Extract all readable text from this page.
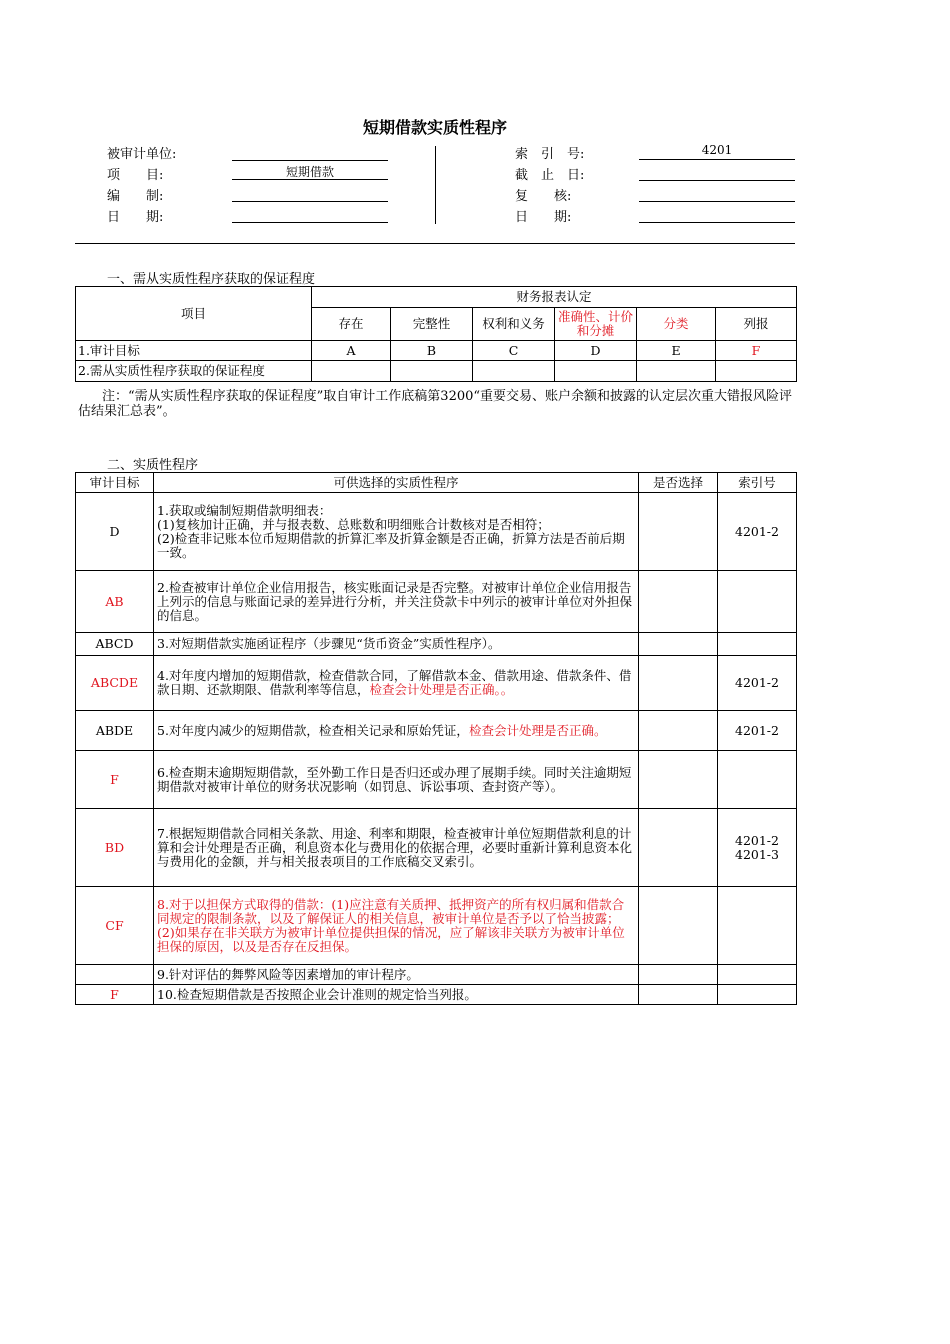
短期借款实质性程序
被审计单位:
项　　目:	短期借款
编　　制:
日　　期:
索　引　号:	4201
截　止　日:
复　　核:
日　　期:
一、需从实质性程序获取的保证程度
项目	财务报表认定					
	存在	完整性	权利和义务	准确性、计价和分摊	分类	列报
1.审计目标	A	B	C	D	E	F
2.需从实质性程序获取的保证程度						
注：“需从实质性程序获取的保证程度”取自审计工作底稿第3200“重要交易、账户余额和披露的认定层次重大错报风险评估结果汇总表”。
二、实质性程序
审计目标	可供选择的实质性程序	是否选择	索引号
D	1.获取或编制短期借款明细表：
(1)复核加计正确，并与报表数、总账数和明细账合计数核对是否相符；
(2)检查非记账本位币短期借款的折算汇率及折算金额是否正确，折算方法是否前后期一致。		4201-2
AB	2.检查被审计单位企业信用报告，核实账面记录是否完整。对被审计单位企业信用报告上列示的信息与账面记录的差异进行分析，并关注贷款卡中列示的被审计单位对外担保的信息。		
ABCD	3.对短期借款实施函证程序（步骤见“货币资金”实质性程序）。		
ABCDE	4.对年度内增加的短期借款，检查借款合同，了解借款本金、借款用途、借款条件、借款日期、还款期限、借款利率等信息，检查会计处理是否正确。。		4201-2
ABDE	5.对年度内减少的短期借款，检查相关记录和原始凭证，检查会计处理是否正确。		4201-2
F	6.检查期末逾期短期借款，至外勤工作日是否归还或办理了展期手续。同时关注逾期短期借款对被审计单位的财务状况影响（如罚息、诉讼事项、查封资产等）。		
BD	7.根据短期借款合同相关条款、用途、利率和期限，检查被审计单位短期借款利息的计算和会计处理是否正确，利息资本化与费用化的依据合理，必要时重新计算利息资本化与费用化的金额，并与相关报表项目的工作底稿交叉索引。		4201-2
4201-3
CF	8.对于以担保方式取得的借款：(1)应注意有关质押、抵押资产的所有权归属和借款合同规定的限制条款，以及了解保证人的相关信息，被审计单位是否予以了恰当披露；(2)如果存在非关联方为被审计单位提供担保的情况，应了解该非关联方为被审计单位担保的原因，以及是否存在反担保。		
	9.针对评估的舞弊风险等因素增加的审计程序。		
F	10.检查短期借款是否按照企业会计准则的规定恰当列报。		
